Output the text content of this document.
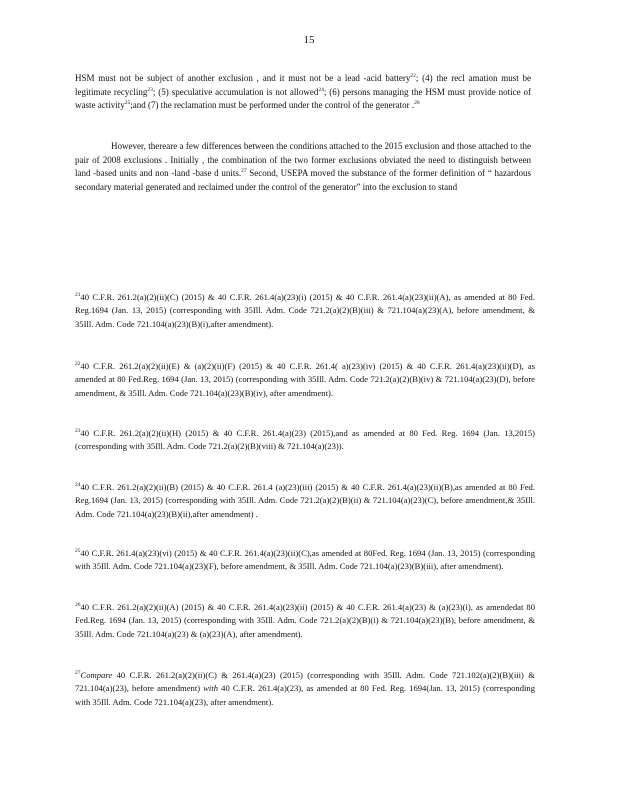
15

HSM must not be subject of another exclusion , and it must not be a lead -acid battery$^{22}$; (4) the recl amation must be legitimate recycling$^{23}$; (5) speculative accumulation is not allowed$^{24}$; (6) persons managing the HSM must provide notice of waste activity$^{25}$;and (7) the reclamation must be performed under the control of the generator .$^{26}$

However, thereare a few differences between the conditions attached to the 2015 exclusion and those attached to the pair of 2008 exclusions . Initially , the combination of the two former exclusions obviated the need to distinguish between land -based units and non -land -base d units.$^{27}$ Second, USEPA moved the substance of the former definition of “ hazardous secondary material generated and reclaimed under the control of the generator” into the exclusion to stand

$^{21}$40 C.F.R. 261.2(a)(2)(ii)(C) (2015) & 40 C.F.R. 261.4(a)(23)(i) (2015) & 40 C.F.R. 261.4(a)(23)(ii)(A), as amended at 80 Fed. Reg.1694 (Jan. 13, 2015) (corresponding with 35Ill. Adm. Code 721.2(a)(2)(B)(iii) & 721.104(a)(23)(A), before amendment, & 35Ill. Adm. Code 721.104(a)(23)(B)(i),after amendment).

$^{22}$40 C.F.R. 261.2(a)(2)(ii)(E) & (a)(2)(ii)(F) (2015) & 40 C.F.R. 261.4( a)(23)(iv) (2015) & 40 C.F.R. 261.4(a)(23)(ii)(D), as amended at 80 Fed.Reg. 1694 (Jan. 13, 2015) (corresponding with 35Ill. Adm. Code 721.2(a)(2)(B)(iv) & 721.104(a)(23)(D), before amendment, & 35Ill. Adm. Code 721.104(a)(23)(B)(iv), after amendment).

$^{23}$40 C.F.R. 261.2(a)(2)(ii)(H) (2015) & 40 C.F.R. 261.4(a)(23) (2015),and as amended at 80 Fed. Reg. 1694 (Jan. 13,2015) (corresponding with 35Ill. Adm. Code 721.2(a)(2)(B)(viii) & 721.104(a)(23)).

$^{24}$40 C.F.R. 261.2(a)(2)(ii)(B) (2015) & 40 C.F.R. 261.4 (a)(23)(iii) (2015) & 40 C.F.R. 261.4(a)(23)(ii)(B),as amended at 80 Fed. Reg.1694 (Jan. 13, 2015) (corresponding with 35Ill. Adm. Code 721.2(a)(2)(B)(ii) & 721.104(a)(23)(C), before amendment,& 35Ill. Adm. Code 721.104(a)(23)(B)(ii),after amendment) .

$^{25}$40 C.F.R. 261.4(a)(23)(vi) (2015) & 40 C.F.R. 261.4(a)(23)(ii)(C),as amended at 80Fed. Reg. 1694 (Jan. 13, 2015) (corresponding with 35Ill. Adm. Code 721.104(a)(23)(F), before amendment, & 35Ill. Adm. Code 721.104(a)(23)(B)(iii), after amendment).

$^{26}$40 C.F.R. 261.2(a)(2)(ii)(A) (2015) & 40 C.F.R. 261.4(a)(23)(ii) (2015) & 40 C.F.R. 261.4(a)(23) & (a)(23)(i), as amendedat 80 Fed.Reg. 1694 (Jan. 13, 2015) (corresponding with 35Ill. Adm. Code 721.2(a)(2)(B)(i) & 721.104(a)(23)(B), before amendment, & 35Ill. Adm. Code 721.104(a)(23) & (a)(23)(A), after amendment).

$^{27}$Compare 40 C.F.R. 261.2(a)(2)(ii)(C) & 261.4(a)(23) (2015) (corresponding with 35Ill. Adm. Code 721.102(a)(2)(B)(iii) & 721.104(a)(23), before amendment) with 40 C.F.R. 261.4(a)(23), as amended at 80 Fed. Reg. 1694(Jan. 13, 2015) (corresponding with 35Ill. Adm. Code 721.104(a)(23), after amendment).
